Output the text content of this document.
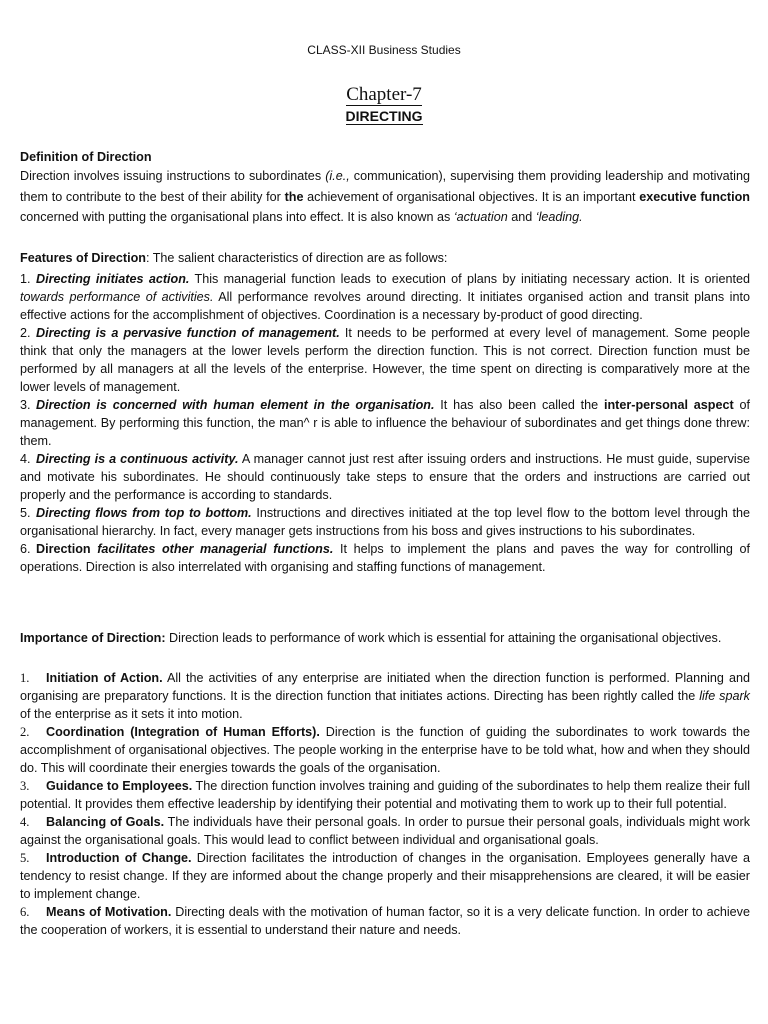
CLASS-XII Business Studies
Chapter-7
DIRECTING
Definition of Direction
Direction involves issuing instructions to subordinates (i.e., communication), supervising them providing leadership and motivating them to contribute to the best of their ability for the achievement of organisational objectives. It is an important executive function concerned with putting the organisational plans into effect. It is also known as ‘actuation and ‘leading.
Features of Direction: The salient characteristics of direction are as follows:

1. Directing initiates action. This managerial function leads to execution of plans by initiating necessary action. It is oriented towards performance of activities. All performance revolves around directing. It initiates organised action and transit plans into effective actions for the accomplishment of objectives. Coordination is a necessary by-product of good directing.

2. Directing is a pervasive function of management. It needs to be performed at every level of management. Some people think that only the managers at the lower levels perform the direction function. This is not correct. Direction function must be performed by all managers at all the levels of the enterprise. However, the time spent on directing is comparatively more at the lower levels of management.

3. Direction is concerned with human element in the organisation. It has also been called the inter-personal aspect of management. By performing this function, the man^ r is able to influence the behaviour of subordinates and get things done threw: them.

4. Directing is a continuous activity. A manager cannot just rest after issuing orders and instructions. He must guide, supervise and motivate his subordinates. He should continuously take steps to ensure that the orders and instructions are carried out properly and the performance is according to standards.

5. Directing flows from top to bottom. Instructions and directives initiated at the top level flow to the bottom level through the organisational hierarchy. In fact, every manager gets instructions from his boss and gives instructions to his subordinates.

6. Direction facilitates other managerial functions. It helps to implement the plans and paves the way for controlling of operations. Direction is also interrelated with organising and staffing functions of management.

Importance of Direction: Direction leads to performance of work which is essential for attaining the organisational objectives.

1. Initiation of Action. All the activities of any enterprise are initiated when the direction function is performed. Planning and organising are preparatory functions. It is the direction function that initiates actions. Directing has been rightly called the life spark of the enterprise as it sets it into motion.

2. Coordination (Integration of Human Efforts). Direction is the function of guiding the subordinates to work towards the accomplishment of organisational objectives. The people working in the enterprise have to be told what, how and when they should do. This will coordinate their energies towards the goals of the organisation.

3. Guidance to Employees. The direction function involves training and guiding of the subordinates to help them realize their full potential. It provides them effective leadership by identifying their potential and motivating them to work up to their full potential.

4. Balancing of Goals. The individuals have their personal goals. In order to pursue their personal goals, individuals might work against the organisational goals. This would lead to conflict between individual and organisational goals.

5. Introduction of Change. Direction facilitates the introduction of changes in the organisation. Employees generally have a tendency to resist change. If they are informed about the change properly and their misapprehensions are cleared, it will be easier to implement change.

6. Means of Motivation. Directing deals with the motivation of human factor, so it is a very delicate function. In order to achieve the cooperation of workers, it is essential to understand their nature and needs.
